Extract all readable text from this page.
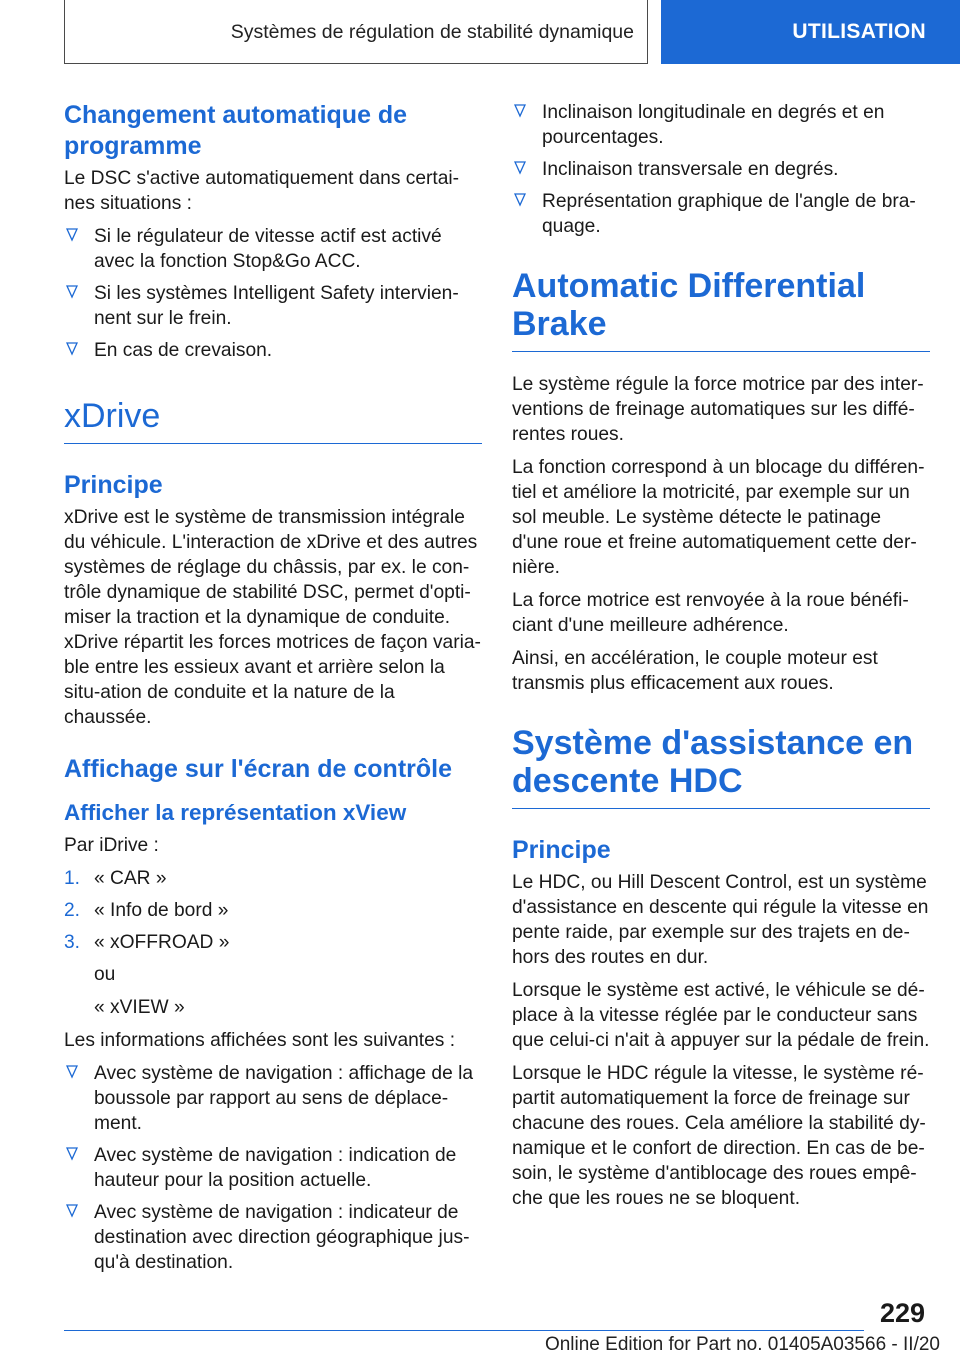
Systèmes de régulation de stabilité dynamique	UTILISATION
Changement automatique de programme

Le DSC s'active automatiquement dans certai-nes situations :

Si le régulateur de vitesse actif est activé avec la fonction Stop&Go ACC.
Si les systèmes Intelligent Safety intervien-nent sur le frein.
En cas de crevaison.
xDrive
Principe

xDrive est le système de transmission intégrale du véhicule. L'interaction de xDrive et des autres systèmes de réglage du châssis, par ex. le con-trôle dynamique de stabilité DSC, permet d'opti-miser la traction et la dynamique de conduite.

xDrive répartit les forces motrices de façon varia-ble entre les essieux avant et arrière selon la situ-ation de conduite et la nature de la chaussée.

Affichage sur l'écran de contrôle
Afficher la représentation xView

Par iDrive :

1. « CAR »
2. « Info de bord »
3. « xOFFROAD »

ou

« xVIEW »

Les informations affichées sont les suivantes :

Avec système de navigation : affichage de la boussole par rapport au sens de déplace-ment.
Avec système de navigation : indication de hauteur pour la position actuelle.
Avec système de navigation : indicateur de destination avec direction géographique jus-qu'à destination.
Inclinaison longitudinale en degrés et en pourcentages.
Inclinaison transversale en degrés.
Représentation graphique de l'angle de bra-quage.
Automatic Differential Brake

Le système régule la force motrice par des inter-ventions de freinage automatiques sur les diffé-rentes roues.

La fonction correspond à un blocage du différen-tiel et améliore la motricité, par exemple sur un sol meuble. Le système détecte le patinage d'une roue et freine automatiquement cette der-nière.

La force motrice est renvoyée à la roue bénéfi-ciant d'une meilleure adhérence.

Ainsi, en accélération, le couple moteur est transmis plus efficacement aux roues.

Système d'assistance en descente HDC
Principe

Le HDC, ou Hill Descent Control, est un système d'assistance en descente qui régule la vitesse en pente raide, par exemple sur des trajets en de-hors des routes en dur.

Lorsque le système est activé, le véhicule se dé-place à la vitesse réglée par le conducteur sans que celui-ci n'ait à appuyer sur la pédale de frein.

Lorsque le HDC régule la vitesse, le système ré-partit automatiquement la force de freinage sur chacune des roues. Cela améliore la stabilité dy-namique et le confort de direction. En cas de be-soin, le système d'antiblocage des roues empê-che que les roues ne se bloquent.

229
Online Edition for Part no. 01405A03566 - II/20
